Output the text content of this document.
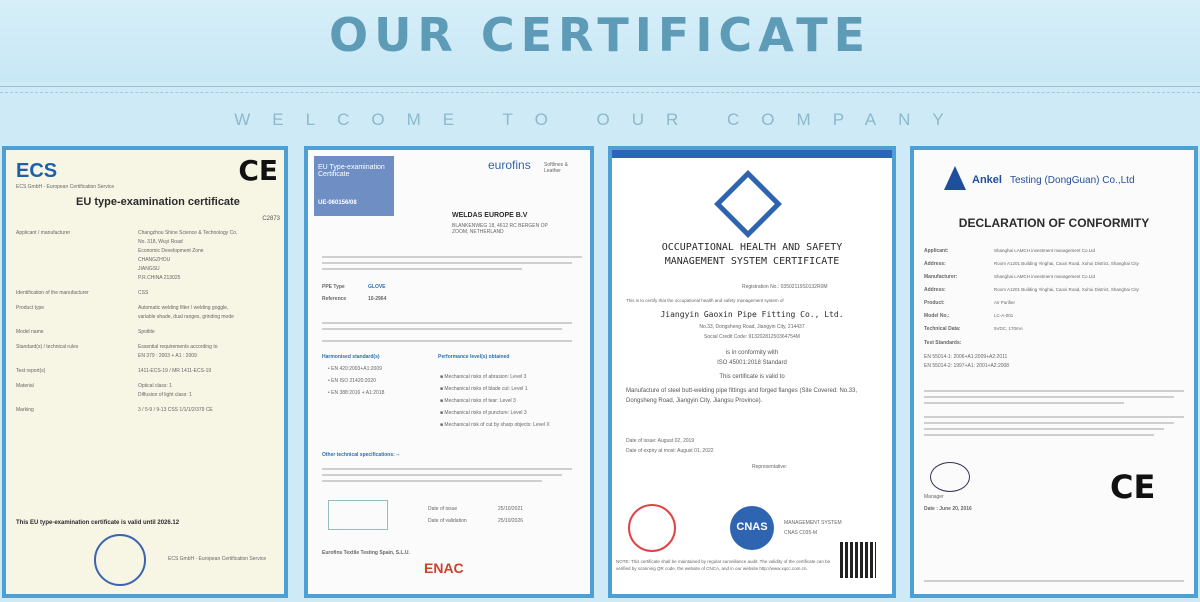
OUR CERTIFICATE
WELCOME TO OUR COMPANY
ECS
ECS GmbH - European Certification Service	CE
EU type-examination certificate
C2873
Applicant / manufacturer	Changzhou Shine Science & Technology Co.
No. 318, Wuyi Road
Economic Development Zone
CHANGZHOU
JIANGSU
P.R.CHINA 213025
Identification of the manufacturer	CSS
Product type	Automatic welding filter / welding goggle,
variable shade, dual ranges, grinding mode
Model name	Spotlite
Standard(s) / technical rules	Essential requirements according to
EN 379 : 2003 + A1 : 2009
Test report(s)	1411-ECS-19 / MR 1411-ECS-19
Material	Optical class: 1
Diffusion of light class: 1
Marking	3 / 5-9 / 9-13 CSS 1/1/1/2/379 CE
This EU type-examination certificate is valid until 2026.12
ECS GmbH - European Certification Service
EU Type-examination Certificate
UE-060156/08
eurofins	Softlines & Leather
WELDAS EUROPE B.V
BLANKENWEG 18, 4612 RC BERGEN OP ZOOM, NETHERLAND
PPE Type	GLOVE
Reference	10-2964
Harmonised standard(s)	Performance level(s) obtained
• EN 420:2003+A1:2009
• EN ISO 21420:2020
• EN 388:2016 + A1:2018
■ Mechanical risks of abrasion: Level 3
■ Mechanical risks of blade cut: Level 1
■ Mechanical risks of tear: Level 3
■ Mechanical risks of puncture: Level 3
■ Mechanical risk of cut by sharp objects: Level X
Other technical specifications: --
Date of issue	25/10/2021
Date of validation	25/10/2026
Eurofins Textile Testing Spain, S.L.U.
ENAC
OCCUPATIONAL HEALTH AND SAFETY
MANAGEMENT SYSTEM CERTIFICATE
Registration No.: 03502119S0132R0M
This is to certify that the occupational health and safety management system of
Jiangyin Gaoxin Pipe Fitting Co., Ltd.
No.33, Dongsheng Road, Jiangyin City, 214437
Social Credit Code: 91320281250364754M
is in conformity with
ISO 45001:2018 Standard
This certificate is valid to
Manufacture of steel butt-welding pipe fittings and forged flanges (Site Covered: No.33, Dongsheng Road, Jiangyin City, Jiangsu Province).
Date of issue: August 02, 2019
Date of expiry at most: August 01, 2022
Representative:
CNAS	MANAGEMENT SYSTEM
CNAS C035-M
NOTE: This certificate shall be maintained by regular surveillance audit. The validity of the certificate can be verified by scanning QR code, the website of CNCA, and in our website http://www.xqcc.com.cn.
Ankel Testing (DongGuan) Co.,Ltd
DECLARATION OF CONFORMITY
Applicant:	Shanghai LAMCH investment management Co.Ltd
Address:	Room A1201 Building Yinghai, Caoxi Road, Xuhui District, Shanghai City
Manufacturer:	Shanghai LAMCH investment management Co.Ltd
Address:	Room A1201 Building Yinghai, Caoxi Road, Xuhui District, Shanghai City
Product:	Air Purifier
Model No.:	LC-A-001
Technical Data:	5VDC, 170mA
Test Standards:
EN 55014-1: 2006+A1:2009+A2:2011
EN 55014-2: 1997+A1: 2001+A2:2008
Manager
Date : June 20, 2016
CE
